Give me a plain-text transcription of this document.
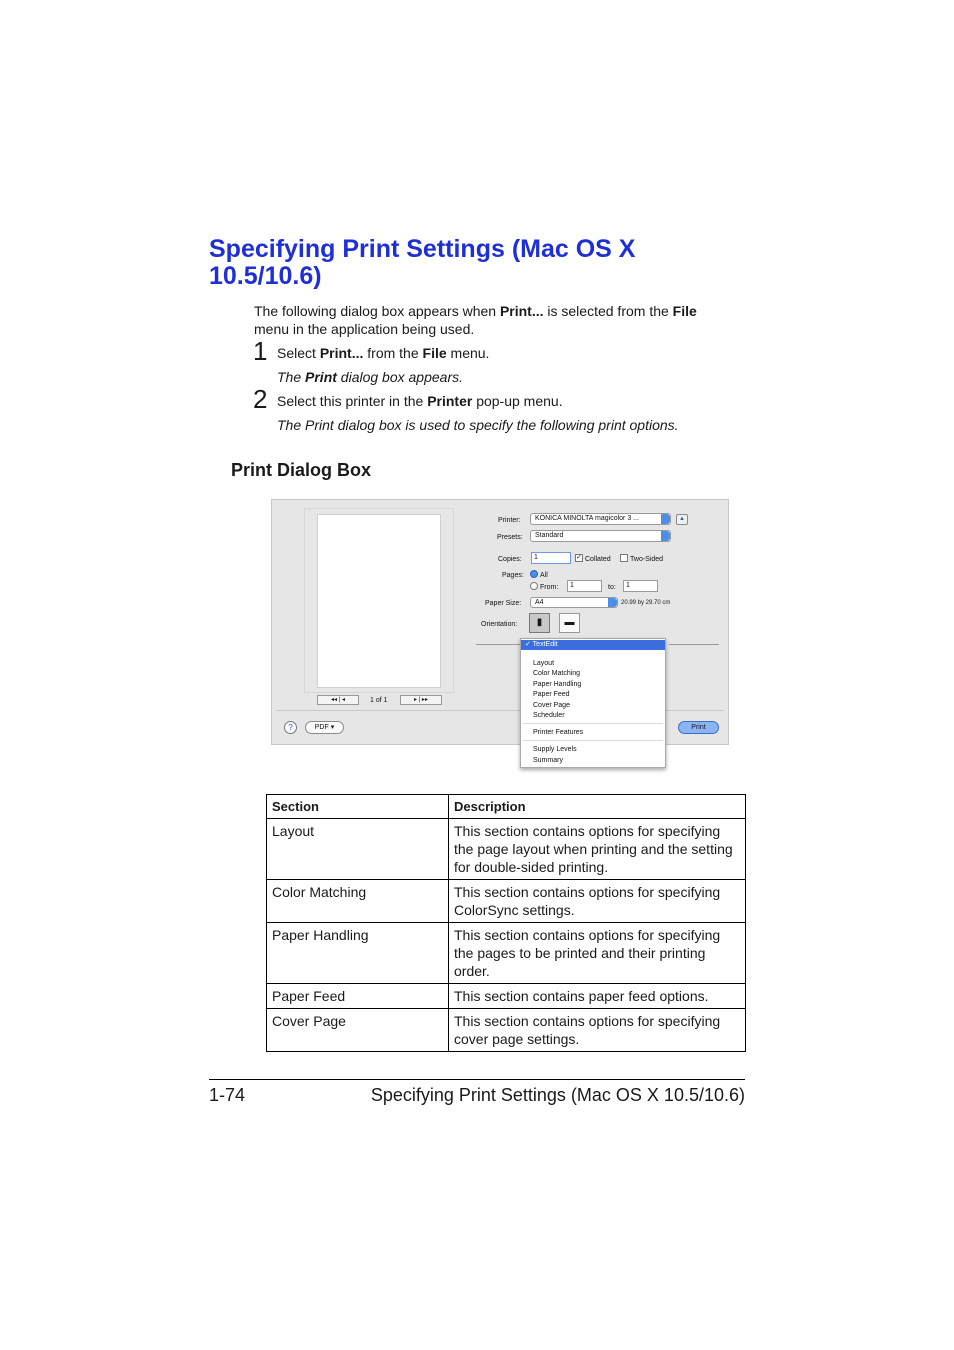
Specifying Print Settings (Mac OS X 10.5/10.6)
The following dialog box appears when Print... is selected from the File menu in the application being used.
1 Select Print... from the File menu.
The Print dialog box appears.
2 Select this printer in the Printer pop-up menu.
The Print dialog box is used to specify the following print options.
Print Dialog Box
◂◂ | ◂	1 of 1	▸ | ▸▸
Printer:	KONICA MINOLTA magicolor 3 ...	▲
Presets:	Standard
Copies:	1	✓ Collated	Two-Sided
Pages: All
From:	1	to:	1
Paper Size:	A4	20.99 by 29.70 cm
Orientation:	▮	▬
?	PDF ▾	Print
✓ TextEdit
Layout
Color Matching
Paper Handling
Paper Feed
Cover Page
Scheduler
Printer Features
Supply Levels
Summary
Section	Description
Layout	This section contains options for specifying the page layout when printing and the setting for double-sided printing.
Color Matching	This section contains options for specifying ColorSync settings.
Paper Handling	This section contains options for specifying the pages to be printed and their printing order.
Paper Feed	This section contains paper feed options.
Cover Page	This section contains options for specifying cover page settings.
1-74	Specifying Print Settings (Mac OS X 10.5/10.6)
